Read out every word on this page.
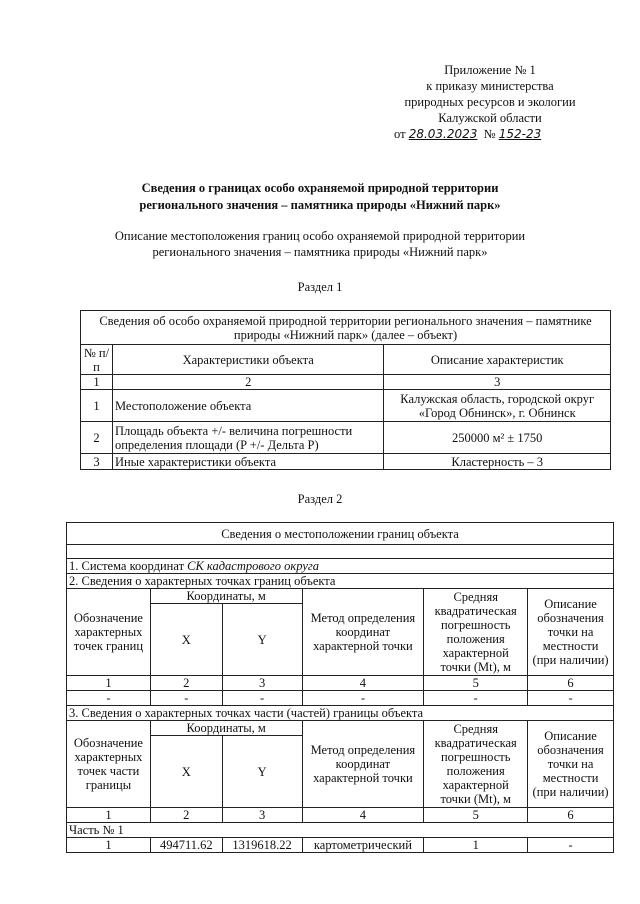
Приложение № 1
к приказу министерства
природных ресурсов и экологии
Калужской области
от 28.03.2023 № 152-23
Сведения о границах особо охраняемой природной территории
регионального значения – памятника природы «Нижний парк»
Описание местоположения границ особо охраняемой природной территории
регионального значения – памятника природы «Нижний парк»
Раздел 1
Сведения об особо охраняемой природной территории регионального значения – памятнике природы «Нижний парк» (далее – объект)		
№ п/п	Характеристики объекта	Описание характеристик
1	2	3
1	Местоположение объекта	Калужская область, городской округ «Город Обнинск», г. Обнинск
2	Площадь объекта +/- величина погрешности определения площади (P +/- Дельта P)	250000 м² ± 1750
3	Иные характеристики объекта	Кластерность – 3
Раздел 2
Сведения о местоположении границ объекта					

1. Система координат СК кадастрового округа					
2. Сведения о характерных точках границ объекта					
Обозначение характерных точек границ	Координаты, м		Метод определения координат характерной точки	Средняя квадратическая погрешность положения характерной точки (Mt), м	Описание обозначения точки на местности (при наличии)
	X	Y			
1	2	3	4	5	6
-	-	-	-	-	-
3. Сведения о характерных точках части (частей) границы объекта					
Обозначение характерных точек части границы	Координаты, м		Метод определения координат характерной точки	Средняя квадратическая погрешность положения характерной точки (Mt), м	Описание обозначения точки на местности (при наличии)
	X	Y			
1	2	3	4	5	6
Часть № 1					
1	494711.62	1319618.22	картометрический	1	-
